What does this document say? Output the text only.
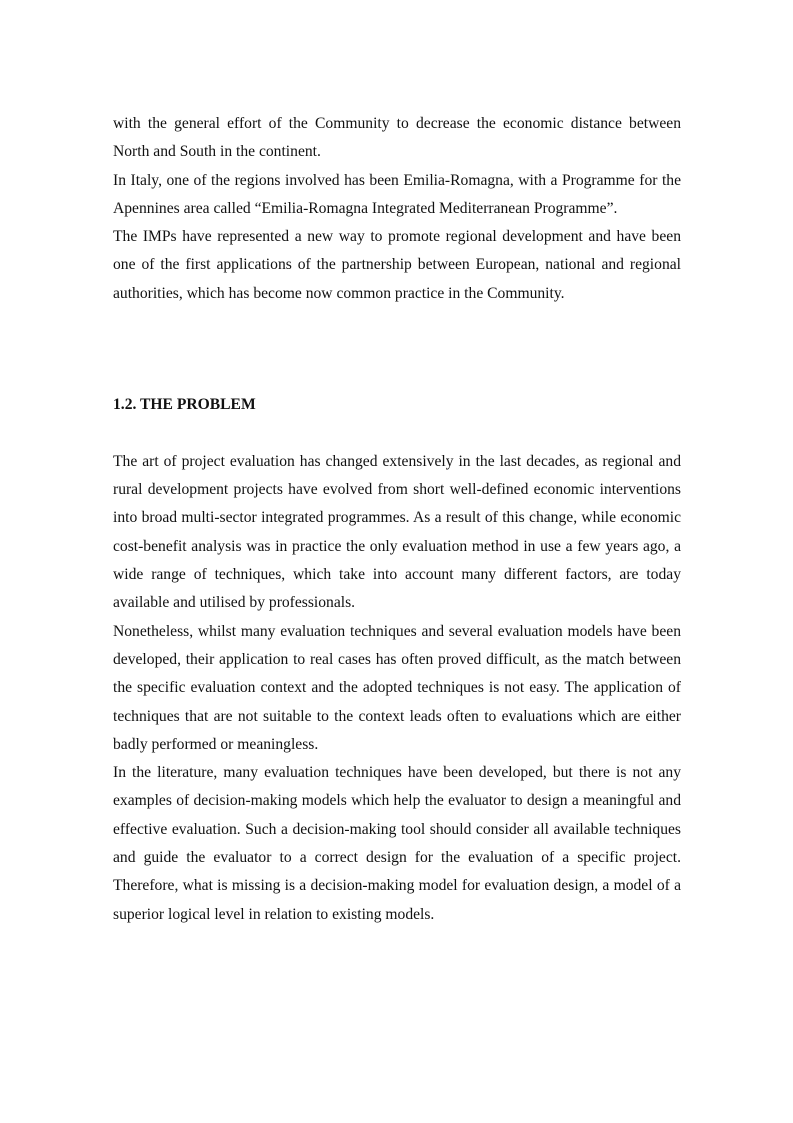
with the general effort of the Community to decrease the economic distance between North and South in the continent.

In Italy, one of the regions involved has been Emilia-Romagna, with a Programme for the Apennines area called “Emilia-Romagna Integrated Mediterranean Programme”.

The IMPs have represented a new way to promote regional development and have been one of the first applications of the partnership between European, national and regional authorities, which has become now common practice in the Community.

1.2. THE PROBLEM

The art of project evaluation has changed extensively in the last decades, as regional and rural development projects have evolved from short well-defined economic interventions into broad multi-sector integrated programmes. As a result of this change, while economic cost-benefit analysis was in practice the only evaluation method in use a few years ago, a wide range of techniques, which take into account many different factors, are today available and utilised by professionals.

Nonetheless, whilst many evaluation techniques and several evaluation models have been developed, their application to real cases has often proved difficult, as the match between the specific evaluation context and the adopted techniques is not easy. The application of techniques that are not suitable to the context leads often to evaluations which are either badly performed or meaningless.

In the literature, many evaluation techniques have been developed, but there is not any examples of decision-making models which help the evaluator to design a meaningful and effective evaluation. Such a decision-making tool should consider all available techniques and guide the evaluator to a correct design for the evaluation of a specific project. Therefore, what is missing is a decision-making model for evaluation design, a model of a superior logical level in relation to existing models.
